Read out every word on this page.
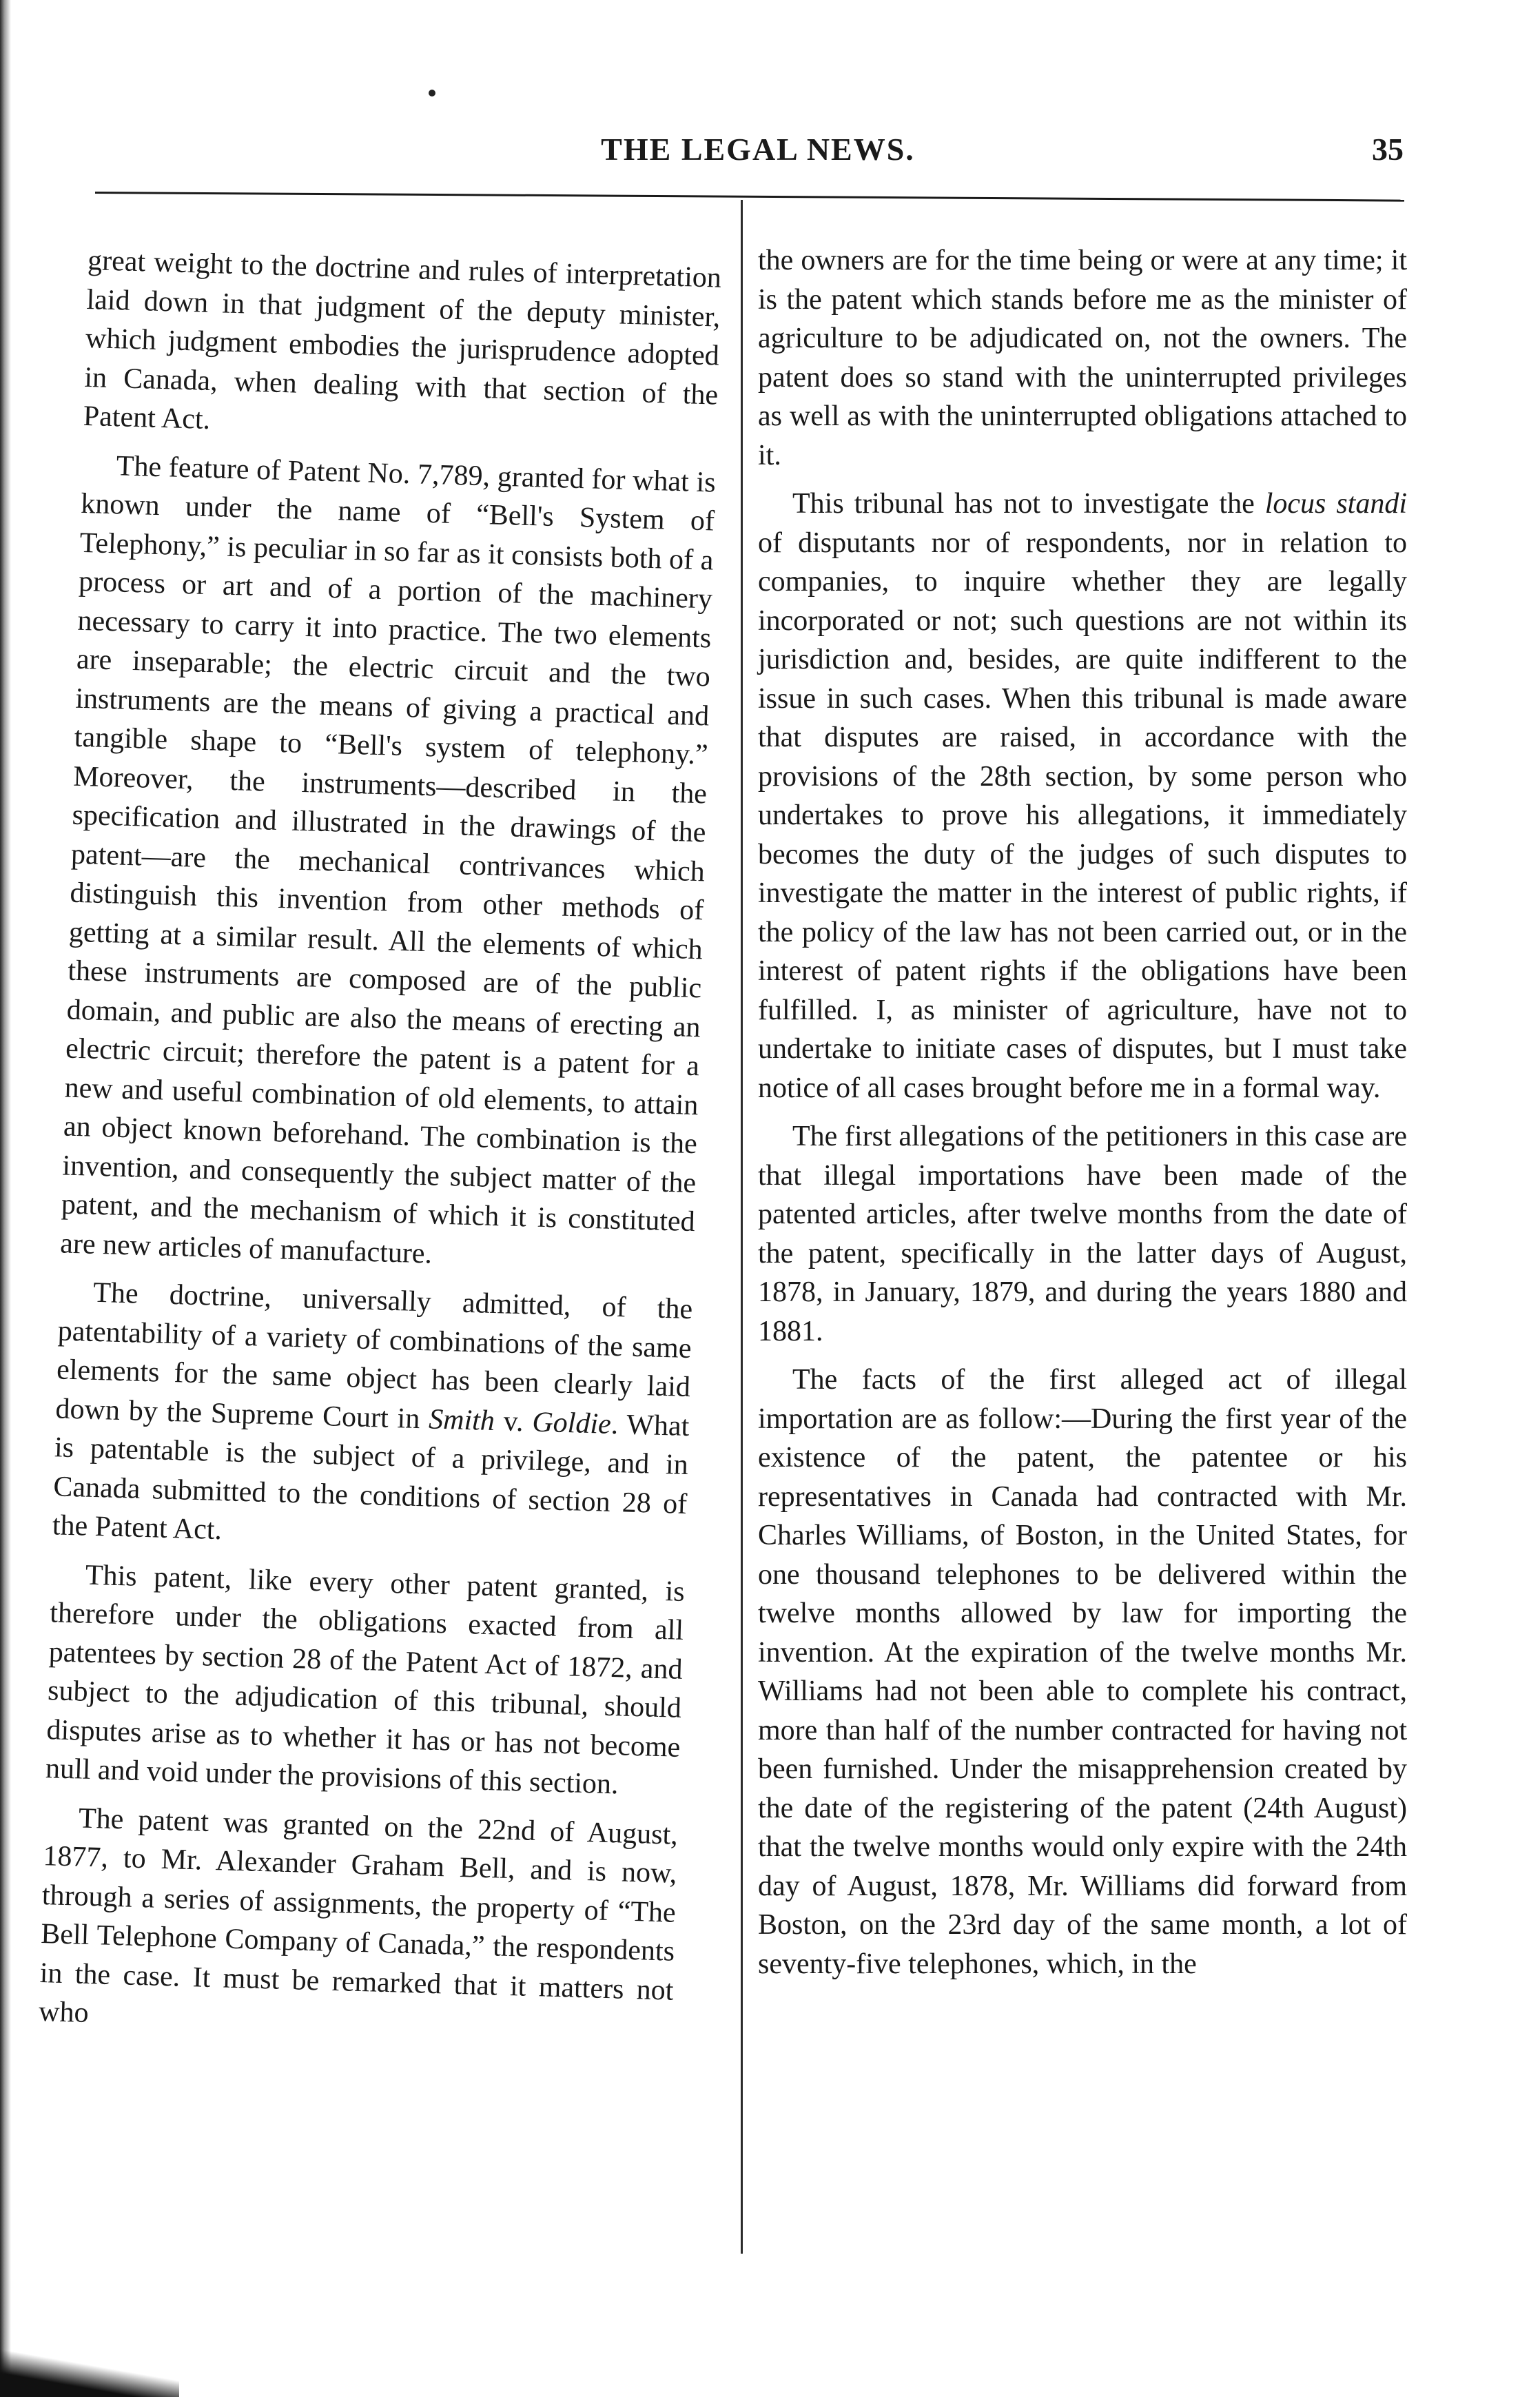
THE LEGAL NEWS.	35

great weight to the doctrine and rules of interpretation laid down in that judgment of the deputy minister, which judgment embodies the jurisprudence adopted in Canada, when dealing with that section of the Patent Act.

The feature of Patent No. 7,789, granted for what is known under the name of “Bell's System of Telephony,” is peculiar in so far as it consists both of a process or art and of a portion of the machinery necessary to carry it into practice. The two elements are inseparable; the electric circuit and the two instruments are the means of giving a practical and tangible shape to “Bell's system of telephony.” Moreover, the instruments—described in the specification and illustrated in the drawings of the patent—are the mechanical contrivances which distinguish this invention from other methods of getting at a similar result. All the elements of which these instruments are composed are of the public domain, and public are also the means of erecting an electric circuit; therefore the patent is a patent for a new and useful combination of old elements, to attain an object known beforehand. The combination is the invention, and consequently the subject matter of the patent, and the mechanism of which it is constituted are new articles of manufacture.

The doctrine, universally admitted, of the patentability of a variety of combinations of the same elements for the same object has been clearly laid down by the Supreme Court in Smith v. Goldie. What is patentable is the subject of a privilege, and in Canada submitted to the conditions of section 28 of the Patent Act.

This patent, like every other patent granted, is therefore under the obligations exacted from all patentees by section 28 of the Patent Act of 1872, and subject to the adjudication of this tribunal, should disputes arise as to whether it has or has not become null and void under the provisions of this section.

The patent was granted on the 22nd of August, 1877, to Mr. Alexander Graham Bell, and is now, through a series of assignments, the property of “The Bell Telephone Company of Canada,” the respondents in the case. It must be remarked that it matters not who

the owners are for the time being or were at any time; it is the patent which stands before me as the minister of agriculture to be adjudicated on, not the owners. The patent does so stand with the uninterrupted privileges as well as with the uninterrupted obligations attached to it.

This tribunal has not to investigate the locus standi of disputants nor of respondents, nor in relation to companies, to inquire whether they are legally incorporated or not; such questions are not within its jurisdiction and, besides, are quite indifferent to the issue in such cases. When this tribunal is made aware that disputes are raised, in accordance with the provisions of the 28th section, by some person who undertakes to prove his allegations, it immediately becomes the duty of the judges of such disputes to investigate the matter in the interest of public rights, if the policy of the law has not been carried out, or in the interest of patent rights if the obligations have been fulfilled. I, as minister of agriculture, have not to undertake to initiate cases of disputes, but I must take notice of all cases brought before me in a formal way.

The first allegations of the petitioners in this case are that illegal importations have been made of the patented articles, after twelve months from the date of the patent, specifically in the latter days of August, 1878, in January, 1879, and during the years 1880 and 1881.

The facts of the first alleged act of illegal importation are as follow:—During the first year of the existence of the patent, the patentee or his representatives in Canada had contracted with Mr. Charles Williams, of Boston, in the United States, for one thousand telephones to be delivered within the twelve months allowed by law for importing the invention. At the expiration of the twelve months Mr. Williams had not been able to complete his contract, more than half of the number contracted for having not been furnished. Under the misapprehension created by the date of the registering of the patent (24th August) that the twelve months would only expire with the 24th day of August, 1878, Mr. Williams did forward from Boston, on the 23rd day of the same month, a lot of seventy-five telephones, which, in the
